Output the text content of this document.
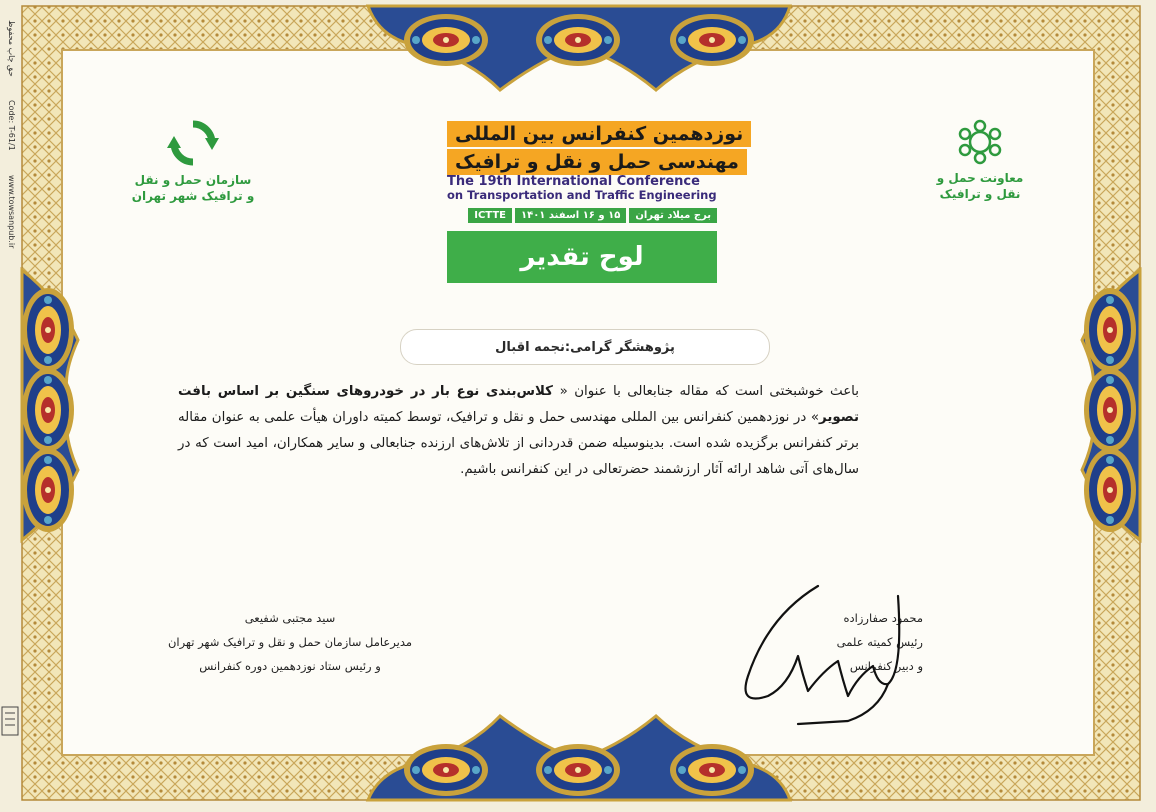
حق چاپ محفوظ
Code: T-61/1
www.towsanpub.ir	سازمان حمل و نقل
و ترافیک شهر تهران
معاونت حمل و
نقل و ترافیک
نوزدهمین کنفرانس بین المللی
مهندسی حمل و نقل و ترافیک
The 19th International Conference
on Transportation and Traffic Engineering
برج میلاد تهران
۱۵ و ۱۶ اسفند ۱۴۰۱
ICTTE
لوح تقدیر
پژوهشگر گرامی:
نجمه اقبال
باعث خوشبختی است که مقاله جنابعالی با عنوان « کلاس‌بندی نوع بار در خودروهای سنگین بر اساس بافت تصویر» در نوزدهمین کنفرانس بین المللی مهندسی حمل و نقل و ترافیک، توسط کمیته داوران هیأت علمی به عنوان مقاله برتر کنفرانس برگزیده شده است. بدینوسیله ضمن قدردانی از تلاش‌های ارزنده جنابعالی و سایر همکاران، امید است که در سال‌های آتی شاهد ارائه آثار ارزشمند حضرتعالی در این کنفرانس باشیم.
سید مجتبی شفیعی
مدیرعامل سازمان حمل و نقل و ترافیک شهر تهران
و رئیس ستاد نوزدهمین دوره کنفرانس
محمود صفارزاده
رئیس کمیته علمی
و دبیر کنفرانس
